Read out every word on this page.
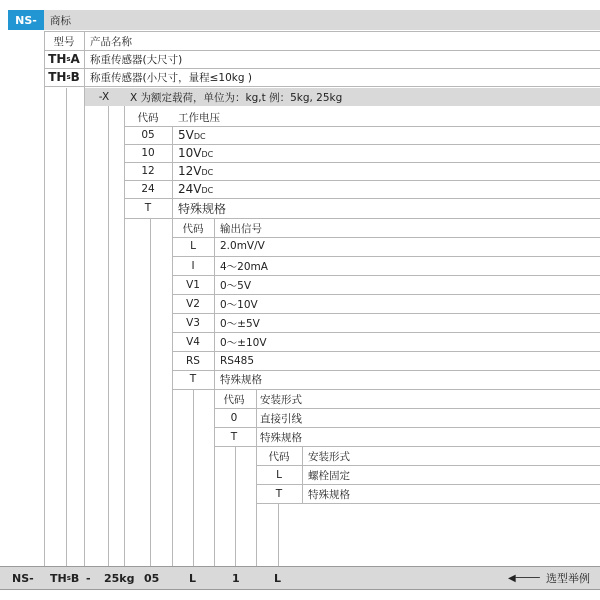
NS- 商标
型号 产品名称
TH s A 称重传感器(大尺寸)
TH s B 称重传感器(小尺寸，量程≤10kg )
-X X 为额定载荷，单位为：kg,t 例：5kg, 25kg
代码 工作电压
05 5V DC
10 10V DC
12 12V DC
24 24V DC
T 特殊规格
代码 输出信号
L 2.0mV/V
I 4～20mA
V1 0～5V
V2 0～10V
V3 0～±5V
V4 0～±10V
RS RS485
T 特殊规格
代码 安装形式
0 直接引线
T 特殊规格
代码 安装形式
L 螺栓固定
T 特殊规格
NS- TH s B - 25kg 05	L	1	L	◀──── 选型举例
